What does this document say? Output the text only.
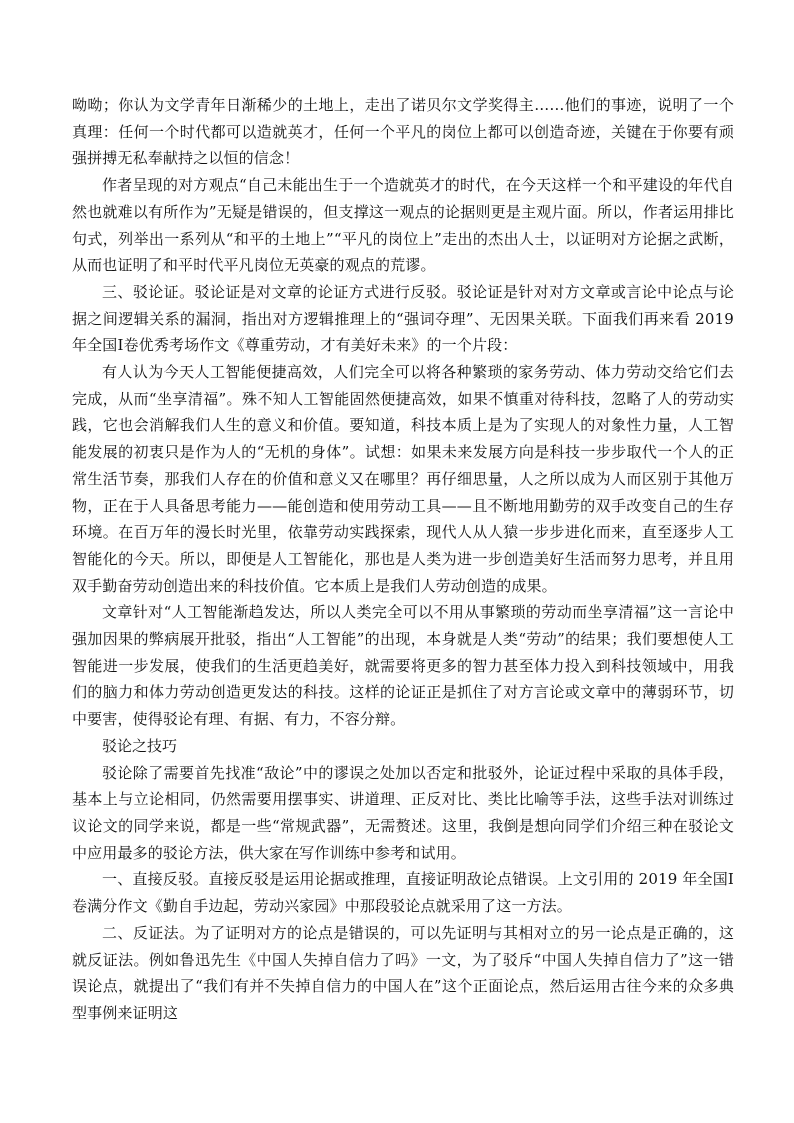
呦呦；你认为文学青年日渐稀少的土地上，走出了诺贝尔文学奖得主……他们的事迹，说明了一个真理：任何一个时代都可以造就英才，任何一个平凡的岗位上都可以创造奇迹，关键在于你要有顽强拼搏无私奉献持之以恒的信念！

作者呈现的对方观点“自己未能出生于一个造就英才的时代，在今天这样一个和平建设的年代自然也就难以有所作为”无疑是错误的，但支撑这一观点的论据则更是主观片面。所以，作者运用排比句式，列举出一系列从“和平的土地上”“平凡的岗位上”走出的杰出人士，以证明对方论据之武断，从而也证明了和平时代平凡岗位无英豪的观点的荒谬。

三、驳论证。驳论证是对文章的论证方式进行反驳。驳论证是针对对方文章或言论中论点与论据之间逻辑关系的漏洞，指出对方逻辑推理上的“强词夺理”、无因果关联。下面我们再来看 2019 年全国Ⅰ卷优秀考场作文《尊重劳动，才有美好未来》的一个片段：

有人认为今天人工智能便捷高效，人们完全可以将各种繁琐的家务劳动、体力劳动交给它们去完成，从而“坐享清福”。殊不知人工智能固然便捷高效，如果不慎重对待科技，忽略了人的劳动实践，它也会消解我们人生的意义和价值。要知道，科技本质上是为了实现人的对象性力量，人工智能发展的初衷只是作为人的“无机的身体”。试想：如果未来发展方向是科技一步步取代一个人的正常生活节奏，那我们人存在的价值和意义又在哪里？再仔细思量，人之所以成为人而区别于其他万物，正在于人具备思考能力——能创造和使用劳动工具——且不断地用勤劳的双手改变自己的生存环境。在百万年的漫长时光里，依靠劳动实践探索，现代人从人猿一步步进化而来，直至逐步人工智能化的今天。所以，即便是人工智能化，那也是人类为进一步创造美好生活而努力思考，并且用双手勤奋劳动创造出来的科技价值。它本质上是我们人劳动创造的成果。

文章针对“人工智能渐趋发达，所以人类完全可以不用从事繁琐的劳动而坐享清福”这一言论中强加因果的弊病展开批驳，指出“人工智能”的出现，本身就是人类“劳动”的结果；我们要想使人工智能进一步发展，使我们的生活更趋美好，就需要将更多的智力甚至体力投入到科技领域中，用我们的脑力和体力劳动创造更发达的科技。这样的论证正是抓住了对方言论或文章中的薄弱环节，切中要害，使得驳论有理、有据、有力，不容分辩。

驳论之技巧

驳论除了需要首先找准“敌论”中的谬误之处加以否定和批驳外，论证过程中采取的具体手段，基本上与立论相同，仍然需要用摆事实、讲道理、正反对比、类比比喻等手法，这些手法对训练过议论文的同学来说，都是一些“常规武器”，无需赘述。这里，我倒是想向同学们介绍三种在驳论文中应用最多的驳论方法，供大家在写作训练中参考和试用。

一、直接反驳。直接反驳是运用论据或推理，直接证明敌论点错误。上文引用的 2019 年全国Ⅰ卷满分作文《勤自手边起，劳动兴家园》中那段驳论点就采用了这一方法。

二、反证法。为了证明对方的论点是错误的，可以先证明与其相对立的另一论点是正确的，这就反证法。例如鲁迅先生《中国人失掉自信力了吗》一文，为了驳斥“中国人失掉自信力了”这一错误论点，就提出了“我们有并不失掉自信力的中国人在”这个正面论点，然后运用古往今来的众多典型事例来证明这
